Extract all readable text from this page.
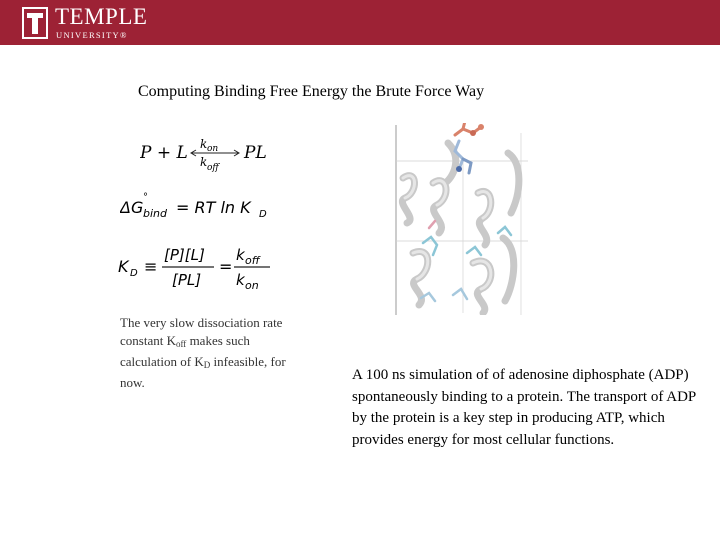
TEMPLE
UNIVERSITY®
Computing Binding Free Energy the Brute Force Way
P + L k on
k off
PL
ΔG
°
bind = RT ln K D
K D ≡
[P][L]
[PL]
=
k off
k on
The very slow dissociation rate constant $K_{off}$ makes such calculation of $K_D$ infeasible, for now.	A 100 ns simulation of of adenosine diphosphate (ADP) spontaneously binding to a protein. The transport of ADP by the protein is a key step in producing ATP, which provides energy for most cellular functions.
